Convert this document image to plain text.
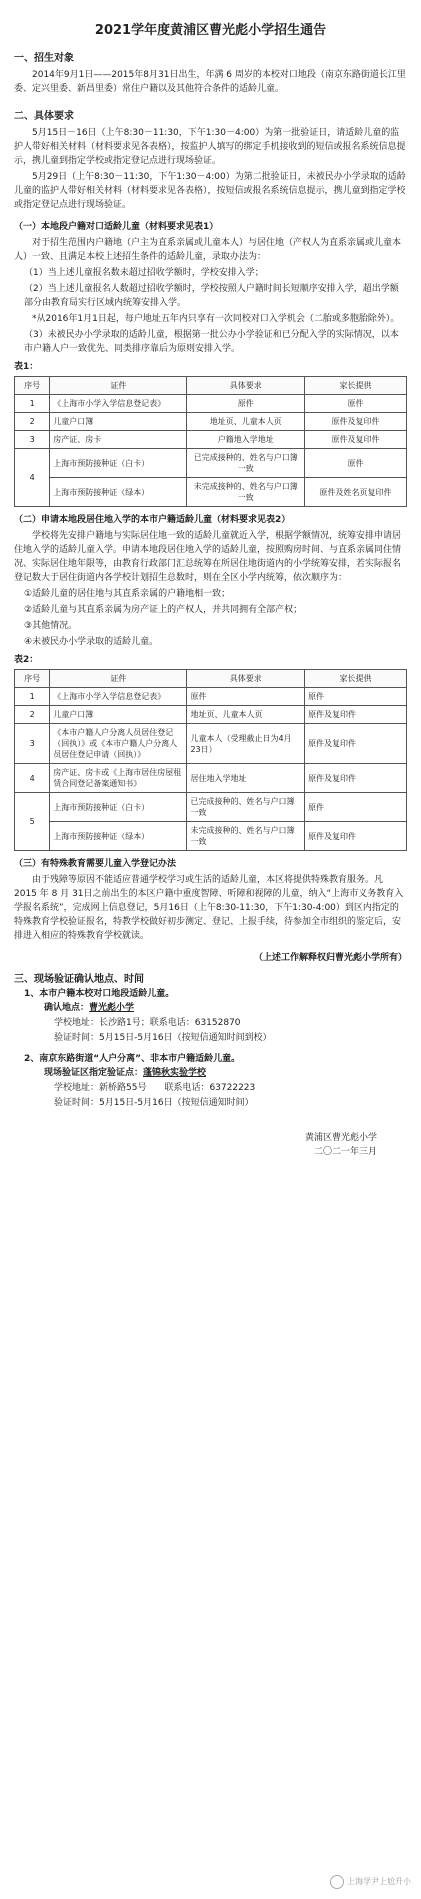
2021学年度黄浦区曹光彪小学招生通告
一、招生对象
2014年9月1日——2015年8月31日出生，年满 6 周岁的本校对口地段（南京东路街道长江里委、定兴里委、新昌里委）常住户籍以及其他符合条件的适龄儿童。
二、具体要求
5月15日－16日（上午8:30－11:30，下午1:30－4:00）为第一批验证日，请适龄儿童的监护人带好相关材料（材料要求见各表格），按监护人填写的绑定手机接收到的短信或报名系统信息提示，携儿童到指定学校或指定登记点进行现场验证。
5月29日（上午8:30－11:30，下午1:30－4:00）为第二批验证日，未被民办小学录取的适龄儿童的监护人带好相关材料（材料要求见各表格），按短信或报名系统信息提示，携儿童到指定学校或指定登记点进行现场验证。
（一）本地段户籍对口适龄儿童（材料要求见表1）
对于招生范围内户籍地（户主为直系亲属或儿童本人）与居住地（产权人为直系亲属或儿童本人）一致、且满足本校上述招生条件的适龄儿童，录取办法为：
（1）当上述儿童报名数未超过招收学额时，学校安排入学；
（2）当上述儿童报名人数超过招收学额时，学校按照人户籍时间长短顺序安排入学，超出学额部分由教育局实行区域内统筹安排入学。
*从2016年1月1日起，每户地址五年内只享有一次同校对口入学机会（二胎或多胞胎除外）。
（3）未被民办小学录取的适龄儿童，根据第一批公办小学验证和已分配入学的实际情况，以本市户籍人户一致优先、同类排序靠后为原则安排入学。
表1：
序号	证件	具体要求	家长提供
1	《上海市小学入学信息登记表》	原件	原件
2	儿童户口簿	地址页、儿童本人页	原件及复印件
3	房产证、房卡	户籍地入学地址	原件及复印件
4	上海市预防接种证（白卡）	已完成接种的、姓名与户口簿一致	原件
	上海市预防接种证（绿本）	未完成接种的、姓名与户口簿一致	原件及姓名页复印件
（二）申请本地段居住地入学的本市户籍适龄儿童（材料要求见表2）
学校将先安排户籍地与实际居住地一致的适龄儿童就近入学，根据学额情况，统筹安排申请居住地入学的适龄儿童入学。申请本地段居住地入学的适龄儿童，按照购房时间、与直系亲属同住情况、实际居住地年限等，由教育行政部门汇总统筹在所居住地街道内的小学统筹安排，若实际报名登记数大于居住街道内各学校计划招生总数时，则在全区小学内统筹，依次顺序为：
①适龄儿童的居住地与其直系亲属的户籍地相一致；
②适龄儿童与其直系亲属为房产证上的产权人，并共同拥有全部产权；
③其他情况。
④未被民办小学录取的适龄儿童。
表2：
序号	证件	具体要求	家长提供
1	《上海市小学入学信息登记表》	原件	原件
2	儿童户口簿	地址页、儿童本人页	原件及复印件
3	《本市户籍人户分离人员居住登记（回执）》或《本市户籍人户分离人员居住登记申请（回执）》	儿童本人（受理截止日为4月23日）	原件及复印件
4	房产证、房卡或《上海市居住房屋租赁合同登记备案通知书》	居住地入学地址	原件及复印件
5	上海市预防接种证（白卡）	已完成接种的、姓名与户口簿一致	原件
	上海市预防接种证（绿本）	未完成接种的、姓名与户口簿一致	原件及复印件
（三）有特殊教育需要儿童入学登记办法
由于残障等原因不能适应普通学校学习或生活的适龄儿童，本区将提供特殊教育服务。凡 2015 年 8 月 31日之前出生的本区户籍中重度智障、听障和视障的儿童，纳入“上海市义务教育入学报名系统”，完成网上信息登记，5月16日（上午8:30-11:30，下午1:30-4:00）到区内指定的特殊教育学校验证报名，特教学校做好初步测定、登记、上报手续，待参加全市组织的鉴定后，安排进入相应的特殊教育学校就读。
（上述工作解释权归曹光彪小学所有）
三、现场验证确认地点、时间
1、本市户籍本校对口地段适龄儿童。
确认地点：曹光彪小学
学校地址：长沙路1号；联系电话：63152870
验证时间：5月15日-5月16日（按短信通知时间到校）
2、南京东路街道“人户分离”、非本市户籍适龄儿童。
现场验证区指定验证点：蓬锦秋实验学校
学校地址：新桥路55号　　联系电话：63722223
验证时间：5月15日-5月16日（按短信通知时间）
黄浦区曹光彪小学
二〇二一年三月
上海学尹上尬升小
